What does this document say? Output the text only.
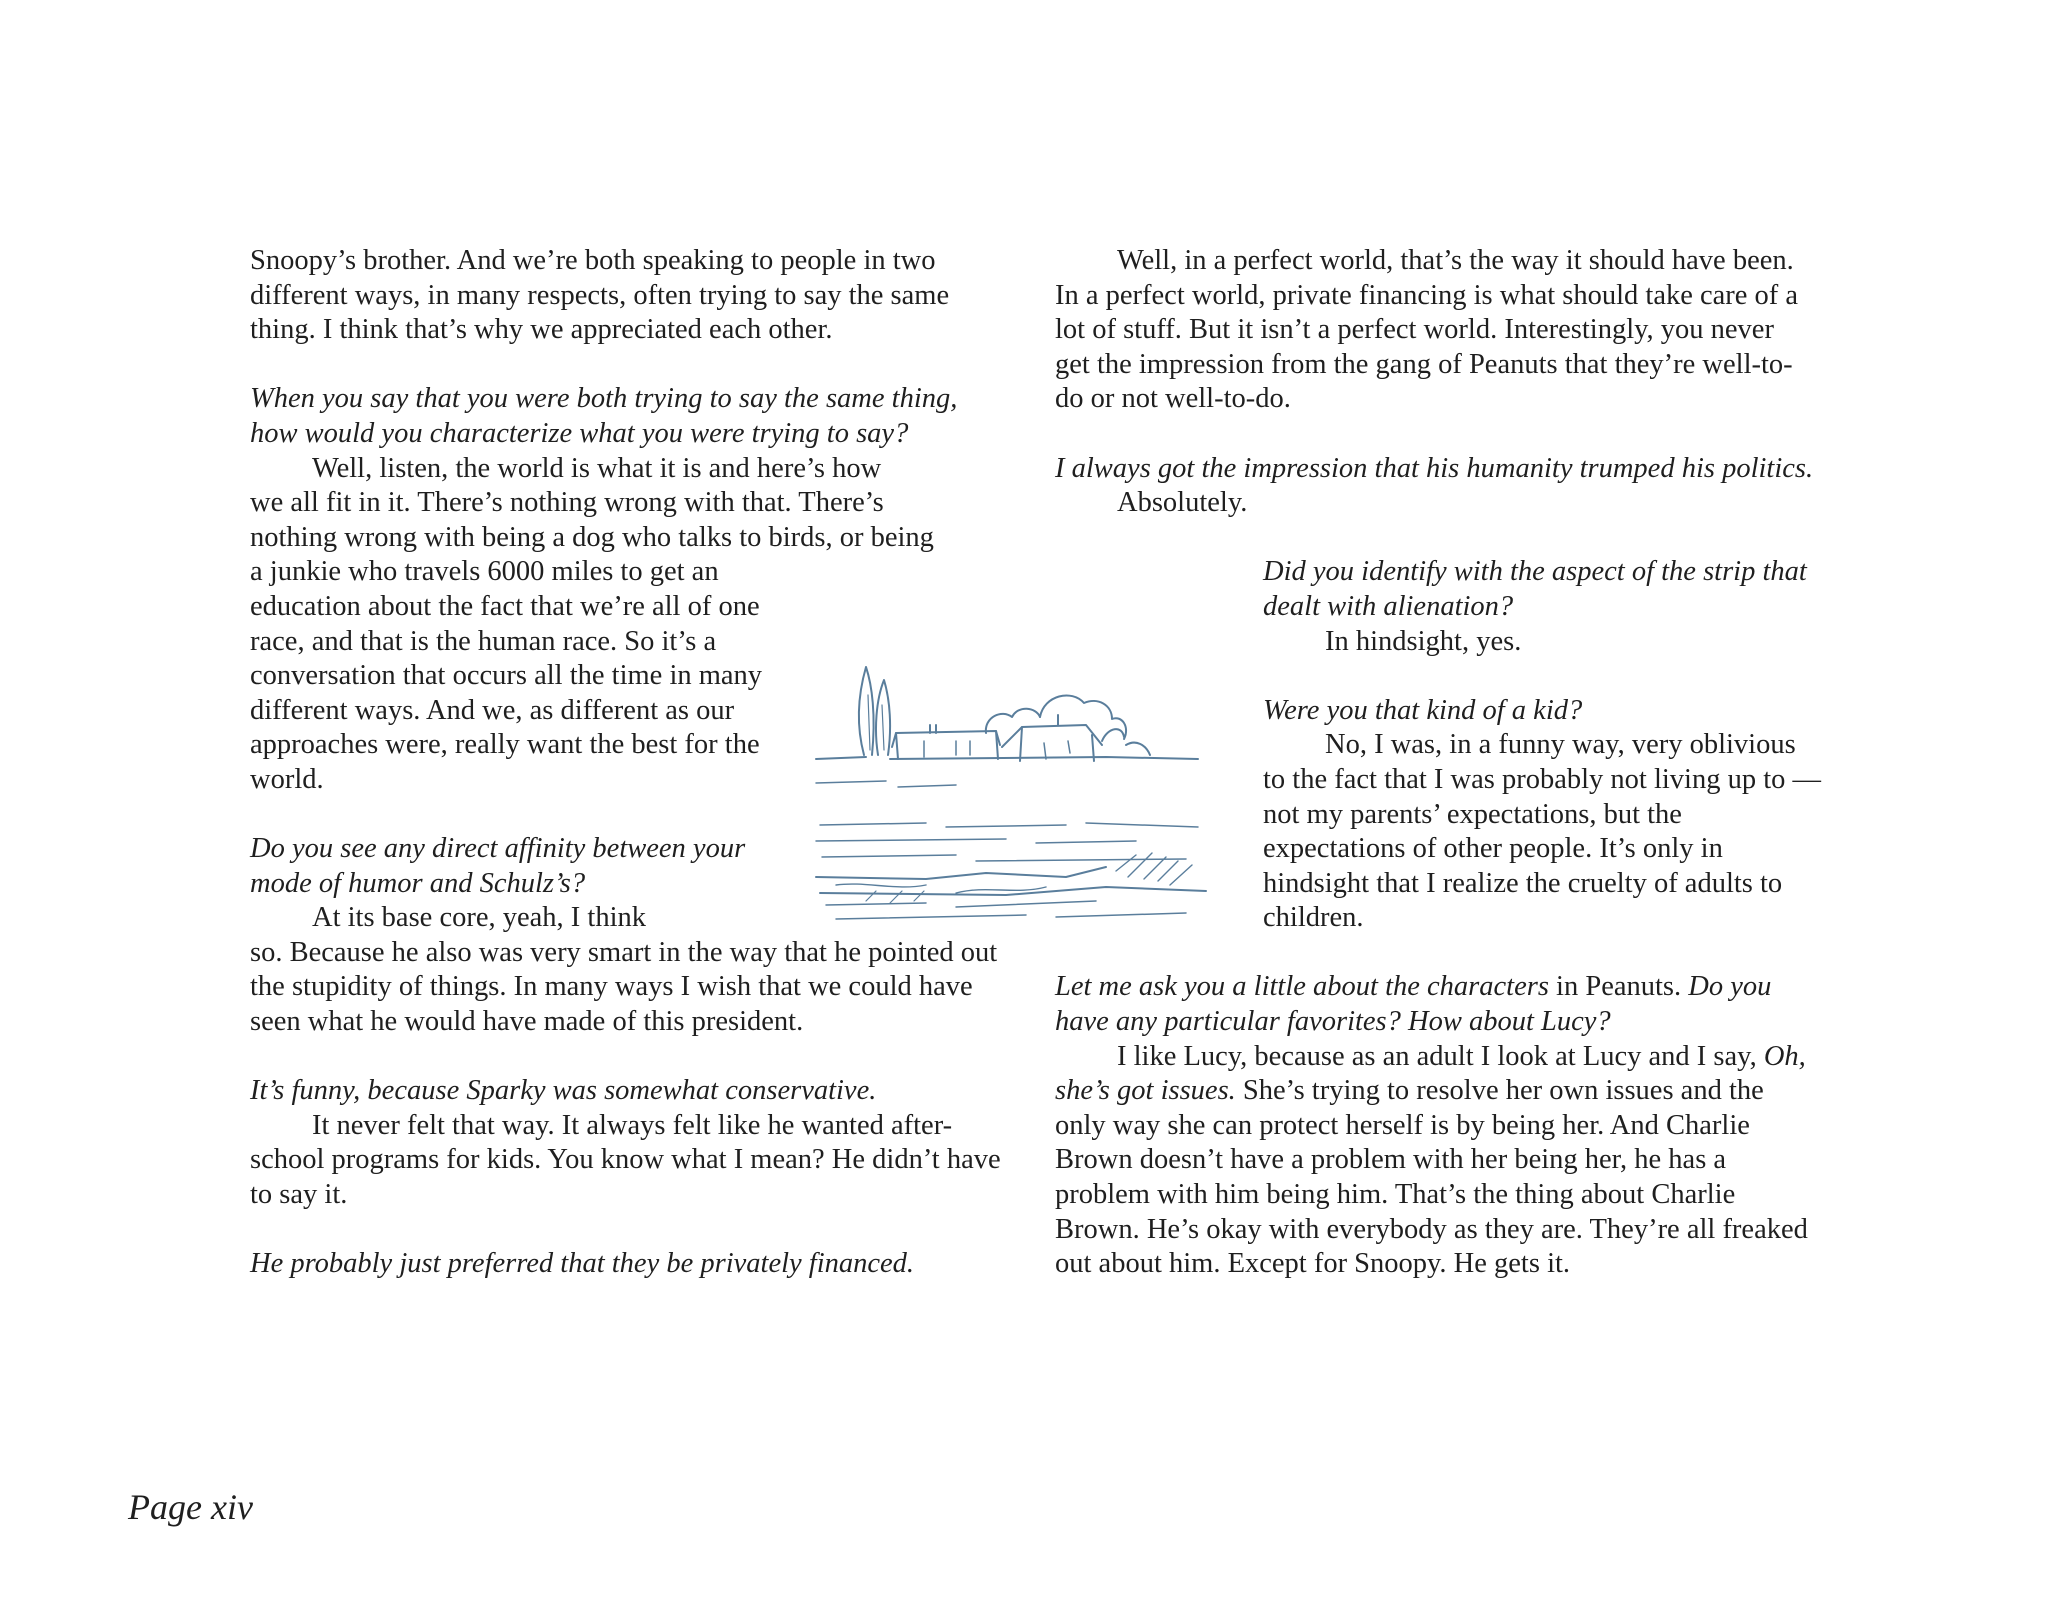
Snoopy’s brother. And we’re both speaking to people in two different ways, in many respects, often trying to say the same thing. I think that’s why we appreciated each other.

When you say that you were both trying to say the same thing,
how would you characterize what you were trying to say?
Well, listen, the world is what it is and here’s how
we all fit in it. There’s nothing wrong with that. There’s
nothing wrong with being a dog who talks to birds, or being

a junkie who travels 6000 miles to get an education about the fact that we’re all of one race, and that is the human race. So it’s a conversation that occurs all the time in many different ways. And we, as different as our approaches were, really want the best for the world.

Do you see any direct affinity between your mode of humor and Schulz’s?

At its base core, yeah, I think

so. Because he also was very smart in the way that he pointed out the stupidity of things. In many ways I wish that we could have seen what he would have made of this president.

It’s funny, because Sparky was somewhat conservative.

It never felt that way. It always felt like he wanted after-school programs for kids. You know what I mean? He didn’t have to say it.

He probably just preferred that they be privately financed.

Well, in a perfect world, that’s the way it should have been. In a perfect world, private financing is what should take care of a lot of stuff. But it isn’t a perfect world. Interestingly, you never get the impression from the gang of Peanuts that they’re well-to-do or not well-to-do.

I always got the impression that his humanity trumped his politics.

Absolutely.

Did you identify with the aspect of the strip that dealt with alienation?

In hindsight, yes.

Were you that kind of a kid?

No, I was, in a funny way, very oblivious to the fact that I was probably not living up to — not my parents’ expectations, but the expectations of other people. It’s only in hindsight that I realize the cruelty of adults to children.

Let me ask you a little about the characters in Peanuts. Do you have any particular favorites? How about Lucy?

I like Lucy, because as an adult I look at Lucy and I say, Oh, she’s got issues. She’s trying to resolve her own issues and the only way she can protect herself is by being her. And Charlie Brown doesn’t have a problem with her being her, he has a problem with him being him. That’s the thing about Charlie Brown. He’s okay with everybody as they are. They’re all freaked out about him. Except for Snoopy. He gets it.

Page xiv
